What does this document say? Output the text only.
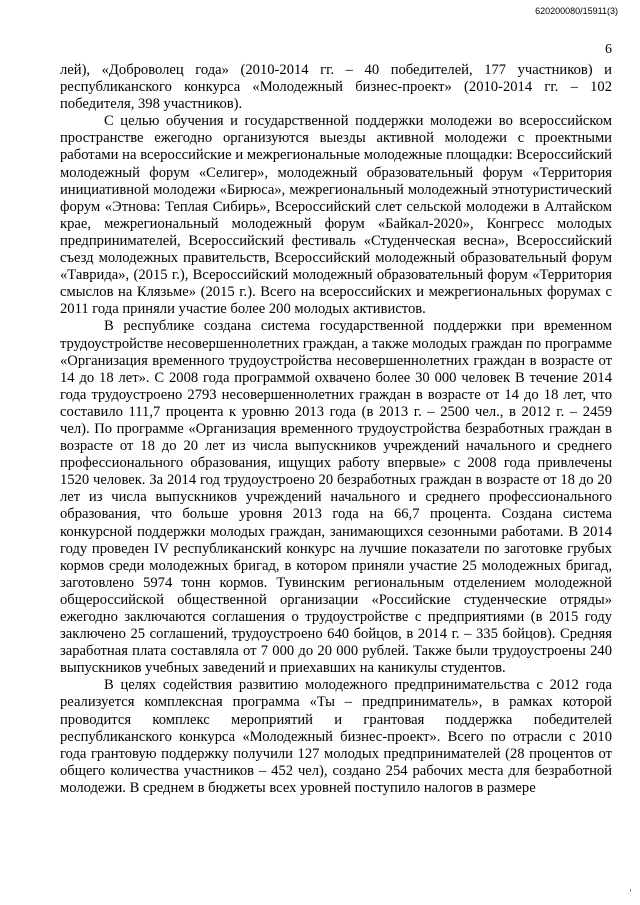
620200080/15911(3)
6

лей), «Доброволец года» (2010-2014 гг. – 40 победителей, 177 участников) и республиканского конкурса «Молодежный бизнес-проект» (2010-2014 гг. – 102 победителя, 398 участников).

С целью обучения и государственной поддержки молодежи во всероссийском пространстве ежегодно организуются выезды активной молодежи с проектными работами на всероссийские и межрегиональные молодежные площадки: Всероссийский молодежный форум «Селигер», молодежный образовательный форум «Территория инициативной молодежи «Бирюса», межрегиональный молодежный этнотуристический форум «Этнова: Теплая Сибирь», Всероссийский слет сельской молодежи в Алтайском крае, межрегиональный молодежный форум «Байкал-2020», Конгресс молодых предпринимателей, Всероссийский фестиваль «Студенческая весна», Всероссийский съезд молодежных правительств, Всероссийский молодежный образовательный форум «Таврида», (2015 г.), Всероссийский молодежный образовательный форум «Территория смыслов на Клязьме» (2015 г.). Всего на всероссийских и межрегиональных форумах с 2011 года приняли участие более 200 молодых активистов.

В республике создана система государственной поддержки при временном трудоустройстве несовершеннолетних граждан, а также молодых граждан по программе «Организация временного трудоустройства несовершеннолетних граждан в возрасте от 14 до 18 лет». С 2008 года программой охвачено более 30 000 человек В течение 2014 года трудоустроено 2793 несовершеннолетних граждан в возрасте от 14 до 18 лет, что составило 111,7 процента к уровню 2013 года (в 2013 г. – 2500 чел., в 2012 г. – 2459 чел). По программе «Организация временного трудоустройства безработных граждан в возрасте от 18 до 20 лет из числа выпускников учреждений начального и среднего профессионального образования, ищущих работу впервые» с 2008 года привлечены 1520 человек. За 2014 год трудоустроено 20 безработных граждан в возрасте от 18 до 20 лет из числа выпускников учреждений начального и среднего профессионального образования, что больше уровня 2013 года на 66,7 процента. Создана система конкурсной поддержки молодых граждан, занимающихся сезонными работами. В 2014 году проведен IV республиканский конкурс на лучшие показатели по заготовке грубых кормов среди молодежных бригад, в котором приняли участие 25 молодежных бригад, заготовлено 5974 тонн кормов. Тувинским региональным отделением молодежной общероссийской общественной организации «Российские студенческие отряды» ежегодно заключаются соглашения о трудоустройстве с предприятиями (в 2015 году заключено 25 соглашений, трудоустроено 640 бойцов, в 2014 г. – 335 бойцов). Средняя заработная плата составляла от 7 000 до 20 000 рублей. Также были трудоустроены 240 выпускников учебных заведений и приехавших на каникулы студентов.

В целях содействия развитию молодежного предпринимательства с 2012 года реализуется комплексная программа «Ты – предприниматель», в рамках которой проводится комплекс мероприятий и грантовая поддержка победителей республиканского конкурса «Молодежный бизнес-проект». Всего по отрасли с 2010 года грантовую поддержку получили 127 молодых предпринимателей (28 процентов от общего количества участников – 452 чел), создано 254 рабочих места для безработной молодежи. В среднем в бюджеты всех уровней поступило налогов в размере

ꞌ
